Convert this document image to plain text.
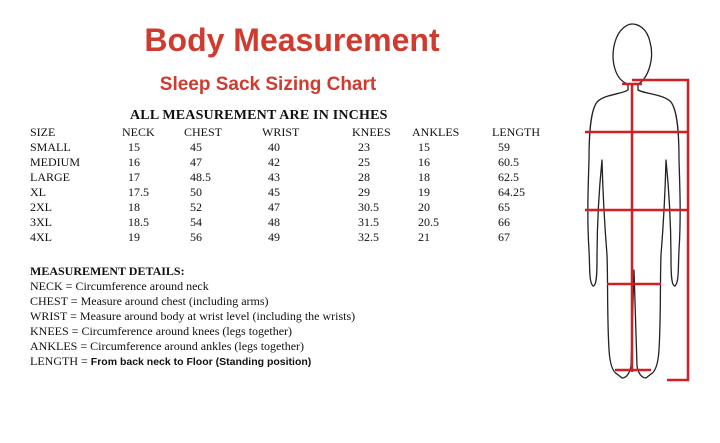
Body Measurement
Sleep Sack Sizing Chart
ALL MEASUREMENT ARE IN INCHES
SIZE	NECK	CHEST	WRIST	KNEES	ANKLES	LENGTH
SMALL	15	45	40	23	15	59
MEDIUM	16	47	42	25	16	60.5
LARGE	17	48.5	43	28	18	62.5
XL	17.5	50	45	29	19	64.25
2XL	18	52	47	30.5	20	65
3XL	18.5	54	48	31.5	20.5	66
4XL	19	56	49	32.5	21	67
MEASUREMENT DETAILS:
NECK = Circumference around neck
CHEST = Measure around chest (including arms)
WRIST = Measure around body at wrist level (including the wrists)
KNEES = Circumference around knees (legs together)
ANKLES = Circumference around ankles (legs together)
LENGTH = From back neck to Floor (Standing position)
